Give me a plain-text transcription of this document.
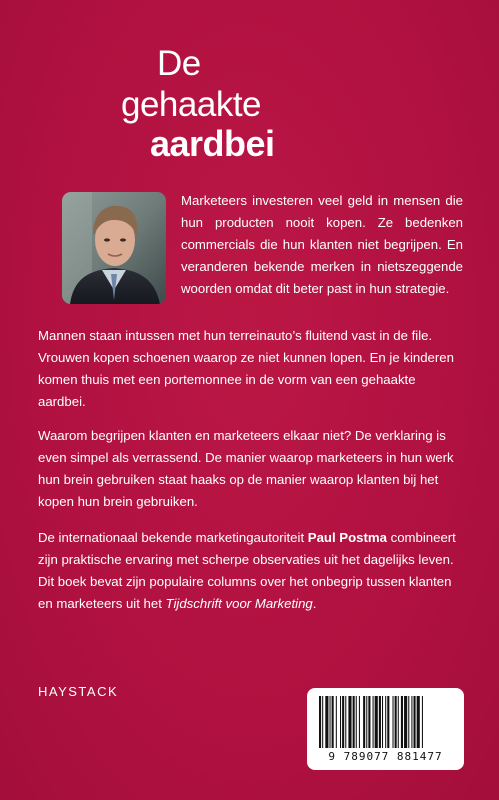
De
gehaakte
aardbei

Marketeers investeren veel geld in mensen die hun producten nooit kopen. Ze bedenken commercials die hun klanten niet begrijpen. En veranderen bekende merken in nietszeggende woorden omdat dit beter past in hun strategie.

Mannen staan intussen met hun terreinauto’s fluitend vast in de file. Vrouwen kopen schoenen waarop ze niet kunnen lopen. En je kinderen komen thuis met een portemonnee in de vorm van een gehaakte aardbei.

Waarom begrijpen klanten en marketeers elkaar niet? De verklaring is even simpel als verrassend. De manier waarop marketeers in hun werk hun brein gebruiken staat haaks op de manier waarop klanten bij het kopen hun brein gebruiken.

De internationaal bekende marketingautoriteit Paul Postma combineert zijn praktische ervaring met scherpe observaties uit het dagelijks leven. Dit boek bevat zijn populaire columns over het onbegrip tussen klanten en marketeers uit het Tijdschrift voor Marketing.

HAYSTACK
9 789077 881477
